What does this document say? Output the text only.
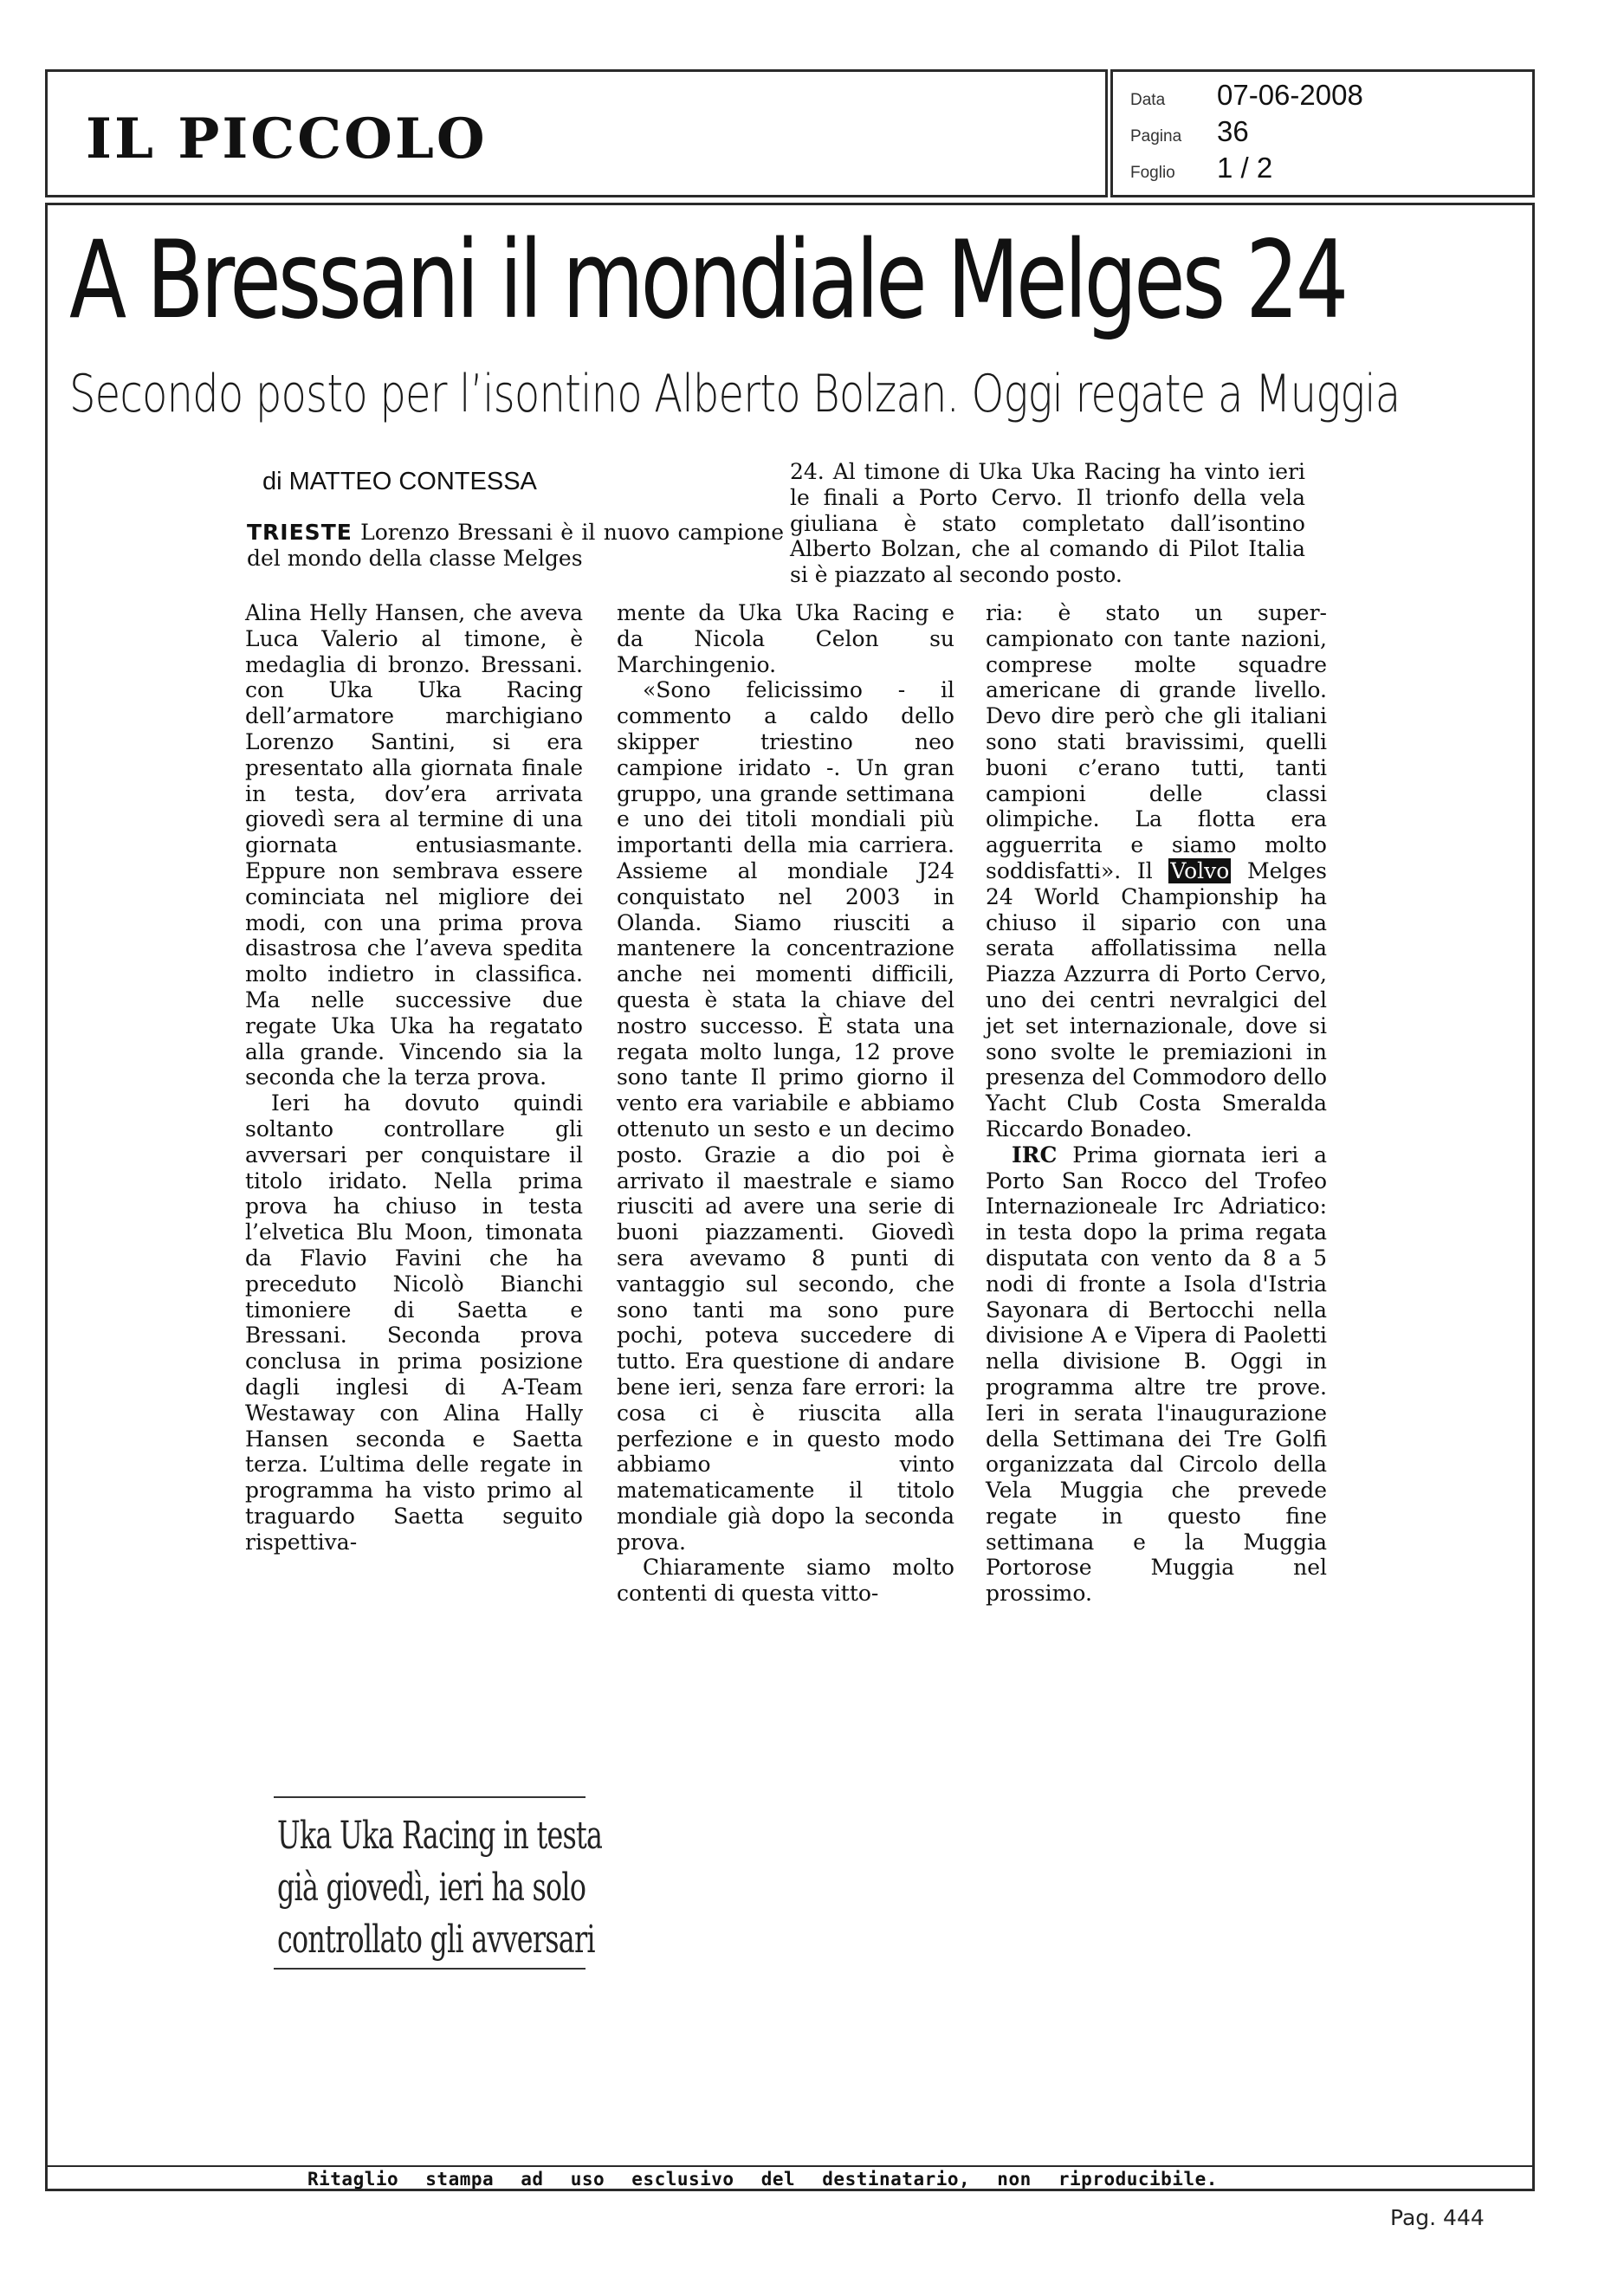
IL PICCOLO
Data	07-06-2008
Pagina	36
Foglio	1 / 2
A Bressani il mondiale Melges 24
Secondo posto per l’isontino Alberto Bolzan. Oggi regate a Muggia
di MATTEO CONTESSA
TRIESTE Lorenzo Bressani è il nuovo campione del mondo della classe Melges

24. Al timone di Uka Uka Racing ha vinto ieri le finali a Porto Cervo. Il trionfo della vela giuliana è stato completato dall’isontino Alberto Bolzan, che al comando di Pilot Italia si è piazzato al secondo posto.

Alina Helly Hansen, che aveva Luca Valerio al timone, è medaglia di bronzo. Bressani. con Uka Uka Racing dell’armatore marchigiano Lorenzo Santini, si era presentato alla giornata finale in testa, dov’era arrivata giovedì sera al termine di una giornata entusiasmante. Eppure non sembrava essere cominciata nel migliore dei modi, con una prima prova disastrosa che l’aveva spedita molto indietro in classifica. Ma nelle successive due regate Uka Uka ha regatato alla grande. Vincendo sia la seconda che la terza prova.

Ieri ha dovuto quindi soltanto controllare gli avversari per conquistare il titolo iridato. Nella prima prova ha chiuso in testa l’elvetica Blu Moon, timonata da Flavio Favini che ha preceduto Nicolò Bianchi timoniere di Saetta e Bressani. Seconda prova conclusa in prima posizione dagli inglesi di A-Team Westaway con Alina Hally Hansen seconda e Saetta terza. L’ultima delle regate in programma ha visto primo al traguardo Saetta seguito rispettiva-

mente da Uka Uka Racing e da Nicola Celon su Marchingenio.

«Sono felicissimo - il commento a caldo dello skipper triestino neo campione iridato -. Un gran gruppo, una grande settimana e uno dei titoli mondiali più importanti della mia carriera. Assieme al mondiale J24 conquistato nel 2003 in Olanda. Siamo riusciti a mantenere la concentrazione anche nei momenti difficili, questa è stata la chiave del nostro successo. È stata una regata molto lunga, 12 prove sono tante Il primo giorno il vento era variabile e abbiamo ottenuto un sesto e un decimo posto. Grazie a dio poi è arrivato il maestrale e siamo riusciti ad avere una serie di buoni piazzamenti. Giovedì sera avevamo 8 punti di vantaggio sul secondo, che sono tanti ma sono pure pochi, poteva succedere di tutto. Era questione di andare bene ieri, senza fare errori: la cosa ci è riuscita alla perfezione e in questo modo abbiamo vinto matematicamente il titolo mondiale già dopo la seconda prova.

Chiaramente siamo molto contenti di questa vitto-

ria: è stato un super-campionato con tante nazioni, comprese molte squadre americane di grande livello. Devo dire però che gli italiani sono stati bravissimi, quelli buoni c’erano tutti, tanti campioni delle classi olimpiche. La flotta era agguerrita e siamo molto soddisfatti». Il Volvo Melges 24 World Championship ha chiuso il sipario con una serata affollatissima nella Piazza Azzurra di Porto Cervo, uno dei centri nevralgici del jet set internazionale, dove si sono svolte le premiazioni in presenza del Commodoro dello Yacht Club Costa Smeralda Riccardo Bonadeo.

IRC Prima giornata ieri a Porto San Rocco del Trofeo Internazioneale Irc Adriatico: in testa dopo la prima regata disputata con vento da 8 a 5 nodi di fronte a Isola d'Istria Sayonara di Bertocchi nella divisione A e Vipera di Paoletti nella divisione B. Oggi in programma altre tre prove. Ieri in serata l'inaugurazione della Settimana dei Tre Golfi organizzata dal Circolo della Vela Muggia che prevede regate in questo fine settimana e la Muggia Portorose Muggia nel prossimo.

Uka Uka Racing in testa
già giovedì, ieri ha solo
controllato gli avversari
Ritaglio stampa ad uso esclusivo del destinatario, non riproducibile.
Pag. 444
